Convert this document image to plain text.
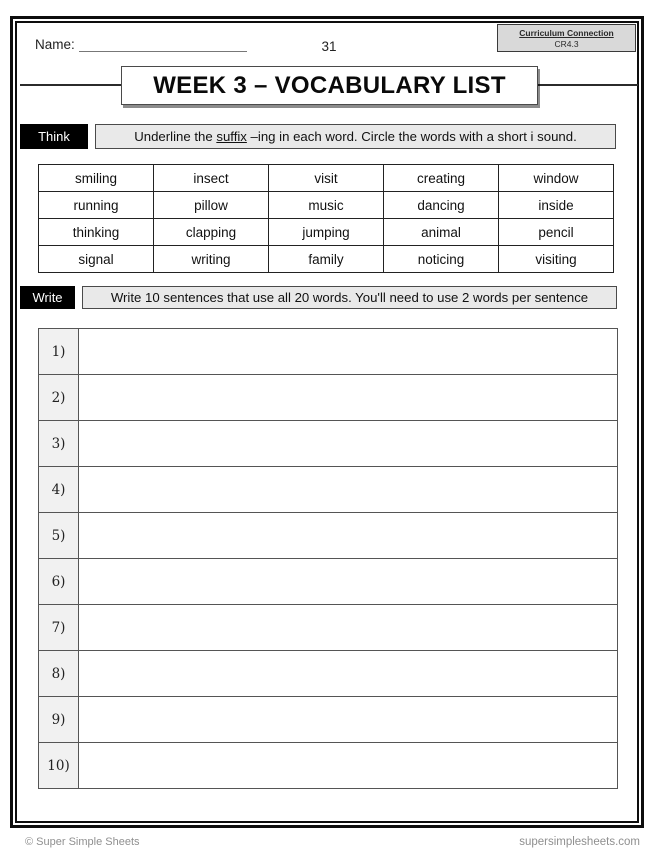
Name:	31
Curriculum Connection
CR4.3
WEEK 3 – VOCABULARY LIST
Think	Underline the suffix –ing in each word. Circle the words with a short i sound.
smiling	insect	visit	creating	window
running	pillow	music	dancing	inside
thinking	clapping	jumping	animal	pencil
signal	writing	family	noticing	visiting
Write	Write 10 sentences that use all 20 words. You'll need to use 2 words per sentence
1)	
2)	
3)	
4)	
5)	
6)	
7)	
8)	
9)	
10)	
© Super Simple Sheets	supersimplesheets.com
